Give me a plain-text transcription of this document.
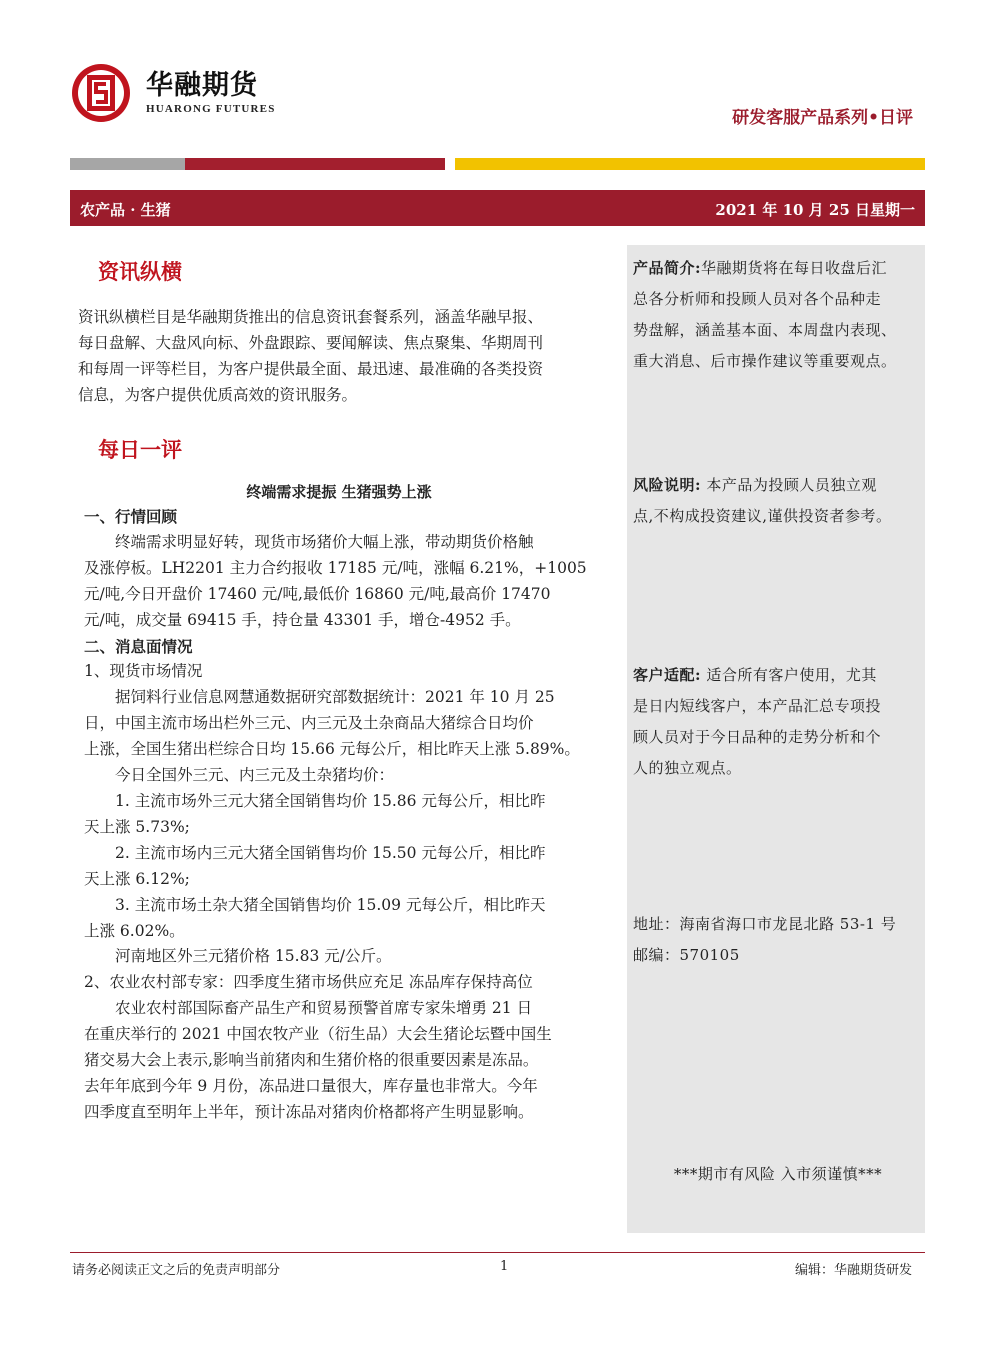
华融期货
HUARONG FUTURES	研发客服产品系列•日评
农产品 · 生猪	2021 年 10 月 25 日星期一
产品简介:华融期货将在每日收盘后汇
总各分析师和投顾人员对各个品种走
势盘解，涵盖基本面、本周盘内表现、
重大消息、后市操作建议等重要观点。
风险说明: 本产品为投顾人员独立观
点,不构成投资建议,谨供投资者参考。
客户适配: 适合所有客户使用，尤其
是日内短线客户，本产品汇总专项投
顾人员对于今日品种的走势分析和个
人的独立观点。
地址：海南省海口市龙昆北路 53-1 号
邮编：570105
***期市有风险 入市须谨慎***
资讯纵横
资讯纵横栏目是华融期货推出的信息资讯套餐系列，涵盖华融早报、
每日盘解、大盘风向标、外盘跟踪、要闻解读、焦点聚集、华期周刊
和每周一评等栏目，为客户提供最全面、最迅速、最准确的各类投资
信息，为客户提供优质高效的资讯服务。
每日一评
终端需求提振 生猪强势上涨
一、行情回顾
　　终端需求明显好转，现货市场猪价大幅上涨，带动期货价格触
及涨停板。LH2201 主力合约报收 17185 元/吨，涨幅 6.21%，+1005
元/吨,今日开盘价 17460 元/吨,最低价 16860 元/吨,最高价 17470
元/吨，成交量 69415 手，持仓量 43301 手，增仓-4952 手。
二、消息面情况
1、现货市场情况
　　据饲料行业信息网慧通数据研究部数据统计：2021 年 10 月 25
日，中国主流市场出栏外三元、内三元及土杂商品大猪综合日均价
上涨，全国生猪出栏综合日均 15.66 元每公斤，相比昨天上涨 5.89%。
　　今日全国外三元、内三元及土杂猪均价：
　　1. 主流市场外三元大猪全国销售均价 15.86 元每公斤，相比昨
天上涨 5.73%;
　　2. 主流市场内三元大猪全国销售均价 15.50 元每公斤，相比昨
天上涨 6.12%;
　　3. 主流市场土杂大猪全国销售均价 15.09 元每公斤，相比昨天
上涨 6.02%。
　　河南地区外三元猪价格 15.83 元/公斤。
2、农业农村部专家：四季度生猪市场供应充足 冻品库存保持高位
　　农业农村部国际畜产品生产和贸易预警首席专家朱增勇 21 日
在重庆举行的 2021 中国农牧产业（衍生品）大会生猪论坛暨中国生
猪交易大会上表示,影响当前猪肉和生猪价格的很重要因素是冻品。
去年年底到今年 9 月份，冻品进口量很大，库存量也非常大。今年
四季度直至明年上半年，预计冻品对猪肉价格都将产生明显影响。
请务必阅读正文之后的免责声明部分	1	编辑：华融期货研发
